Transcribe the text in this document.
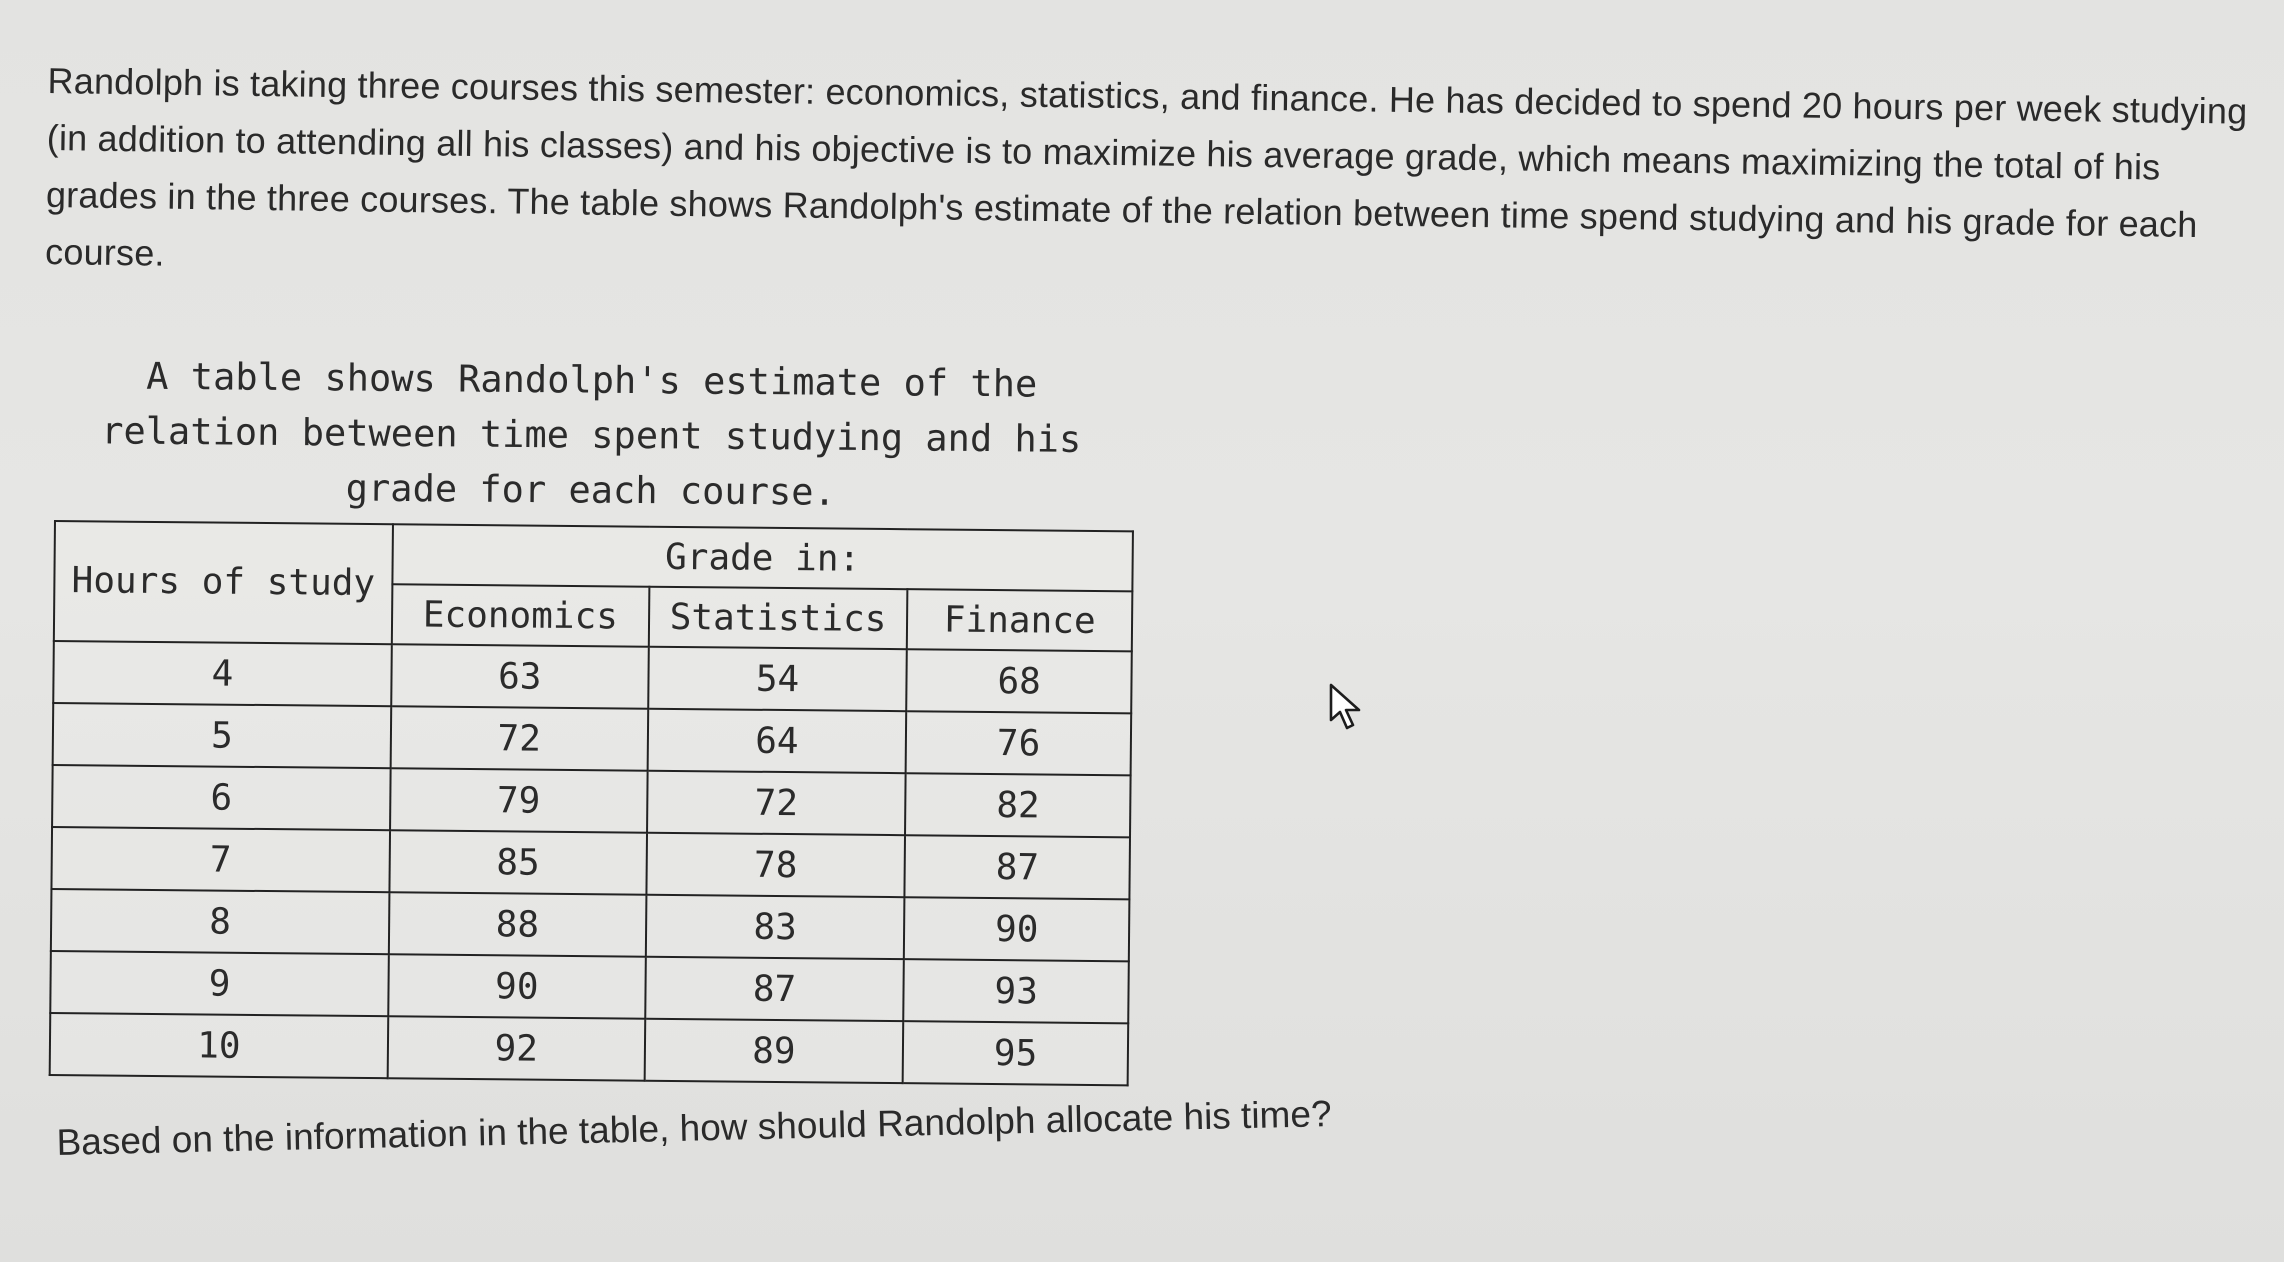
Randolph is taking three courses this semester: economics, statistics, and finance. He has decided to spend 20 hours per week studying (in addition to attending all his classes) and his objective is to maximize his average grade, which means maximizing the total of his grades in the three courses. The table shows Randolph's estimate of the relation between time spend studying and his grade for each course.

A table shows Randolph's estimate of the relation between time spent studying and his grade for each course.

Hours of study	Grade in:		
	Economics	Statistics	Finance
4	63	54	68
5	72	64	76
6	79	72	82
7	85	78	87
8	88	83	90
9	90	87	93
10	92	89	95

Based on the information in the table, how should Randolph allocate his time?
